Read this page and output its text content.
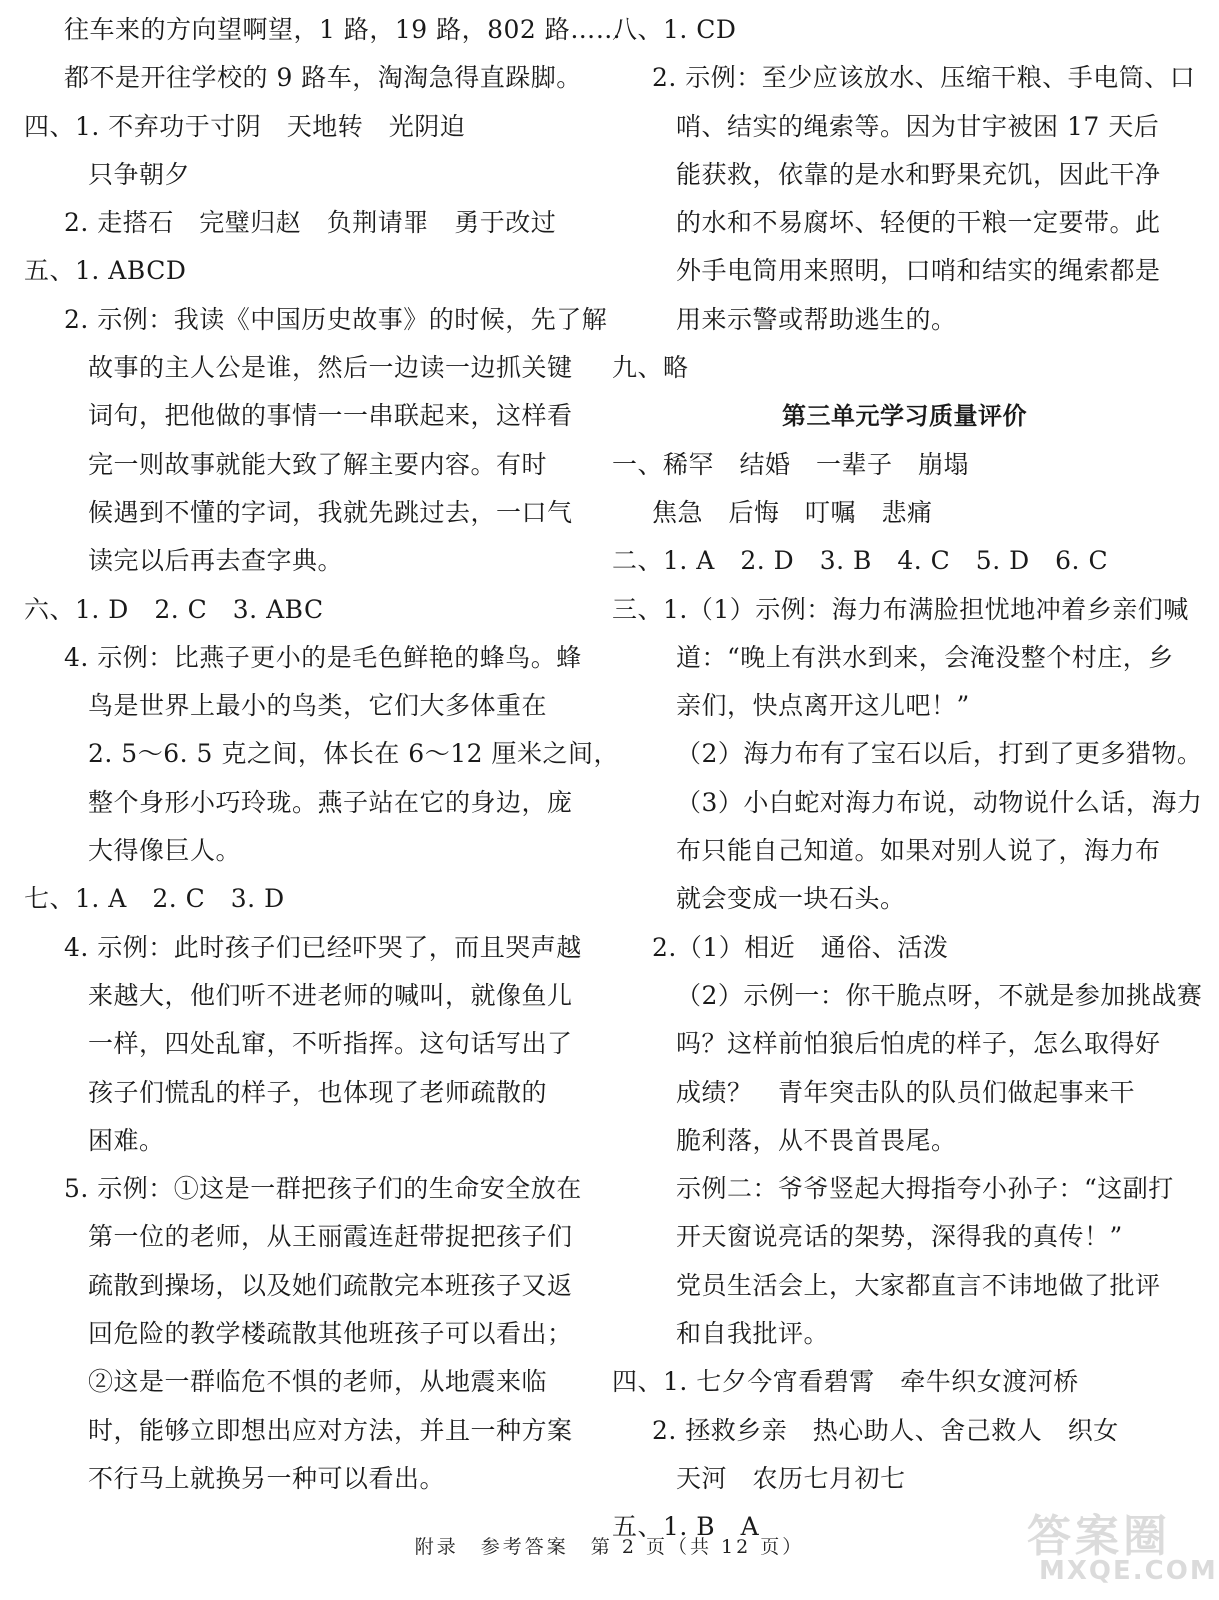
往车来的方向望啊望，1 路，19 路，802 路……
都不是开往学校的 9 路车，淘淘急得直跺脚。
四、1. 不弃功于寸阴　天地转　光阴迫
只争朝夕
2. 走搭石　完璧归赵　负荆请罪　勇于改过
五、1. ABCD
2. 示例：我读《中国历史故事》的时候，先了解
故事的主人公是谁，然后一边读一边抓关键
词句，把他做的事情一一串联起来，这样看
完一则故事就能大致了解主要内容。有时
候遇到不懂的字词，我就先跳过去，一口气
读完以后再去查字典。
六、1. D　2. C　3. ABC
4. 示例：比燕子更小的是毛色鲜艳的蜂鸟。蜂
鸟是世界上最小的鸟类，它们大多体重在
2. 5～6. 5 克之间，体长在 6～12 厘米之间，
整个身形小巧玲珑。燕子站在它的身边，庞
大得像巨人。
七、1. A　2. C　3. D
4. 示例：此时孩子们已经吓哭了，而且哭声越
来越大，他们听不进老师的喊叫，就像鱼儿
一样，四处乱窜，不听指挥。这句话写出了
孩子们慌乱的样子，也体现了老师疏散的
困难。
5. 示例：①这是一群把孩子们的生命安全放在
第一位的老师，从王丽霞连赶带捉把孩子们
疏散到操场，以及她们疏散完本班孩子又返
回危险的教学楼疏散其他班孩子可以看出；
②这是一群临危不惧的老师，从地震来临
时，能够立即想出应对方法，并且一种方案
不行马上就换另一种可以看出。
八、1. CD
2. 示例：至少应该放水、压缩干粮、手电筒、口
哨、结实的绳索等。因为甘宇被困 17 天后
能获救，依靠的是水和野果充饥，因此干净
的水和不易腐坏、轻便的干粮一定要带。此
外手电筒用来照明，口哨和结实的绳索都是
用来示警或帮助逃生的。
九、略
第三单元学习质量评价
一、稀罕　结婚　一辈子　崩塌
焦急　后悔　叮嘱　悲痛
二、1. A　2. D　3. B　4. C　5. D　6. C
三、1.（1）示例：海力布满脸担忧地冲着乡亲们喊
道：“晚上有洪水到来，会淹没整个村庄，乡
亲们，快点离开这儿吧！”
（2）海力布有了宝石以后，打到了更多猎物。
（3）小白蛇对海力布说，动物说什么话，海力
布只能自己知道。如果对别人说了，海力布
就会变成一块石头。
2.（1）相近　通俗、活泼
（2）示例一：你干脆点呀，不就是参加挑战赛
吗？这样前怕狼后怕虎的样子，怎么取得好
成绩？　青年突击队的队员们做起事来干
脆利落，从不畏首畏尾。
示例二：爷爷竖起大拇指夸小孙子：“这副打
开天窗说亮话的架势，深得我的真传！”
党员生活会上，大家都直言不讳地做了批评
和自我批评。
四、1. 七夕今宵看碧霄　牵牛织女渡河桥
2. 拯救乡亲　热心助人、舍己救人　织女
天河　农历七月初七
五、1. B　A
附录　参考答案　第 2 页（共 12 页）	答案圈
MXQE.COM
